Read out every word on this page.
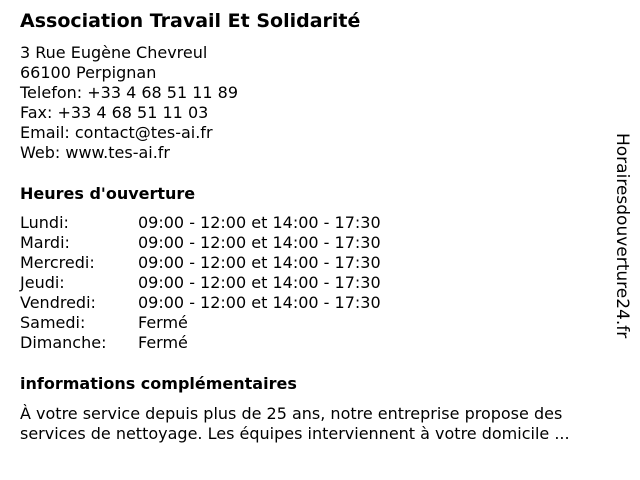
Association Travail Et Solidarité
3 Rue Eugène Chevreul
66100 Perpignan
Telefon: +33 4 68 51 11 89
Fax: +33 4 68 51 11 03
Email: contact@tes-ai.fr
Web: www.tes-ai.fr
Heures d'ouverture
Lundi:	09:00 - 12:00 et 14:00 - 17:30
Mardi:	09:00 - 12:00 et 14:00 - 17:30
Mercredi:	09:00 - 12:00 et 14:00 - 17:30
Jeudi:	09:00 - 12:00 et 14:00 - 17:30
Vendredi:	09:00 - 12:00 et 14:00 - 17:30
Samedi:	Fermé
Dimanche: Fermé
informations complémentaires
À votre service depuis plus de 25 ans, notre entreprise propose des services de nettoyage. Les équipes interviennent à votre domicile ...
Horairesdouverture24.fr
